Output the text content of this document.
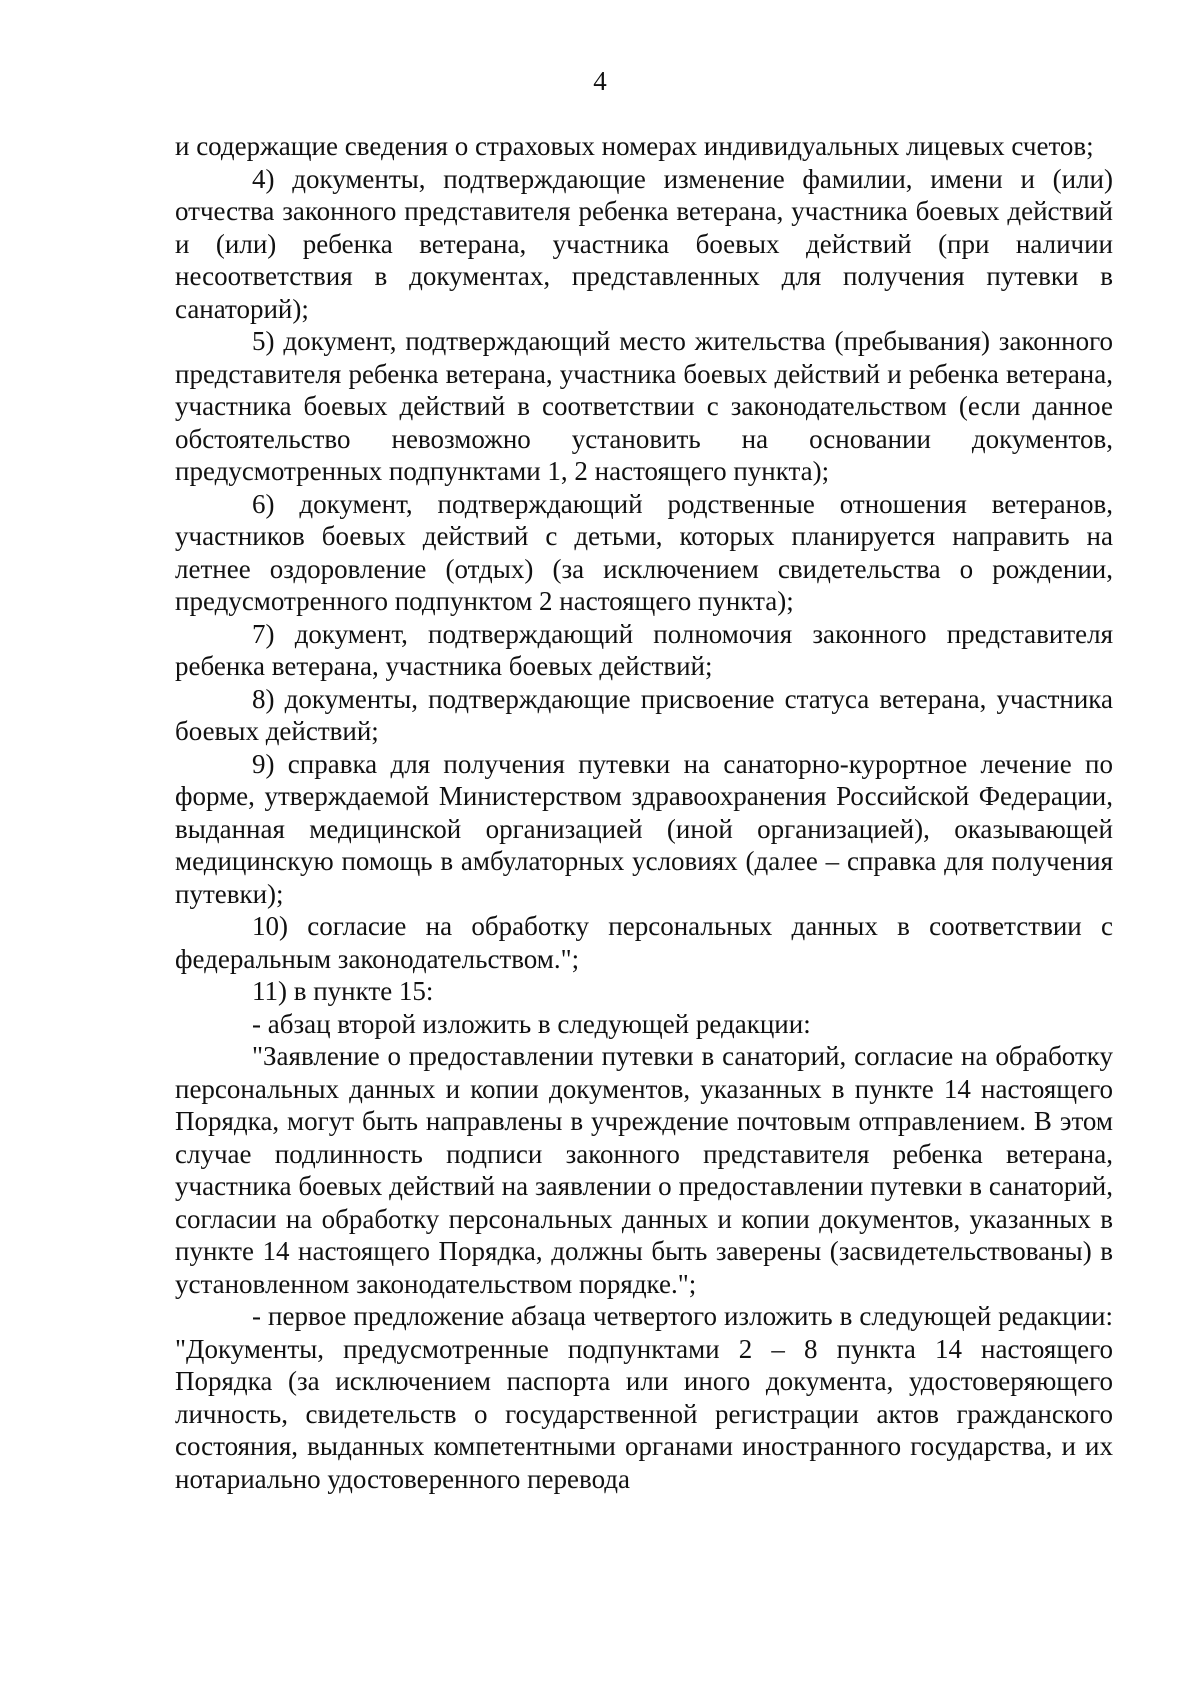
4

и содержащие сведения о страховых номерах индивидуальных лицевых счетов;

4) документы, подтверждающие изменение фамилии, имени и (или) отчества законного представителя ребенка ветерана, участника боевых действий и (или) ребенка ветерана, участника боевых действий (при наличии несоответствия в документах, представленных для получения путевки в санаторий);

5) документ, подтверждающий место жительства (пребывания) законного представителя ребенка ветерана, участника боевых действий и ребенка ветерана, участника боевых действий в соответствии с законодательством (если данное обстоятельство невозможно установить на основании документов, предусмотренных подпунктами 1, 2 настоящего пункта);

6) документ, подтверждающий родственные отношения ветеранов, участников боевых действий с детьми, которых планируется направить на летнее оздоровление (отдых) (за исключением свидетельства о рождении, предусмотренного подпунктом 2 настоящего пункта);

7) документ, подтверждающий полномочия законного представителя ребенка ветерана, участника боевых действий;

8) документы, подтверждающие присвоение статуса ветерана, участника боевых действий;

9) справка для получения путевки на санаторно-курортное лечение по форме, утверждаемой Министерством здравоохранения Российской Федерации, выданная медицинской организацией (иной организацией), оказывающей медицинскую помощь в амбулаторных условиях (далее – справка для получения путевки);

10) согласие на обработку персональных данных в соответствии с федеральным законодательством.";

11) в пункте 15:

- абзац второй изложить в следующей редакции:

"Заявление о предоставлении путевки в санаторий, согласие на обработку персональных данных и копии документов, указанных в пункте 14 настоящего Порядка, могут быть направлены в учреждение почтовым отправлением. В этом случае подлинность подписи законного представителя ребенка ветерана, участника боевых действий на заявлении о предоставлении путевки в санаторий, согласии на обработку персональных данных и копии документов, указанных в пункте 14 настоящего Порядка, должны быть заверены (засвидетельствованы) в установленном законодательством порядке.";

- первое предложение абзаца четвертого изложить в следующей редакции: "Документы, предусмотренные подпунктами 2 – 8 пункта 14 настоящего Порядка (за исключением паспорта или иного документа, удостоверяющего личность, свидетельств о государственной регистрации актов гражданского состояния, выданных компетентными органами иностранного государства, и их нотариально удостоверенного перевода
